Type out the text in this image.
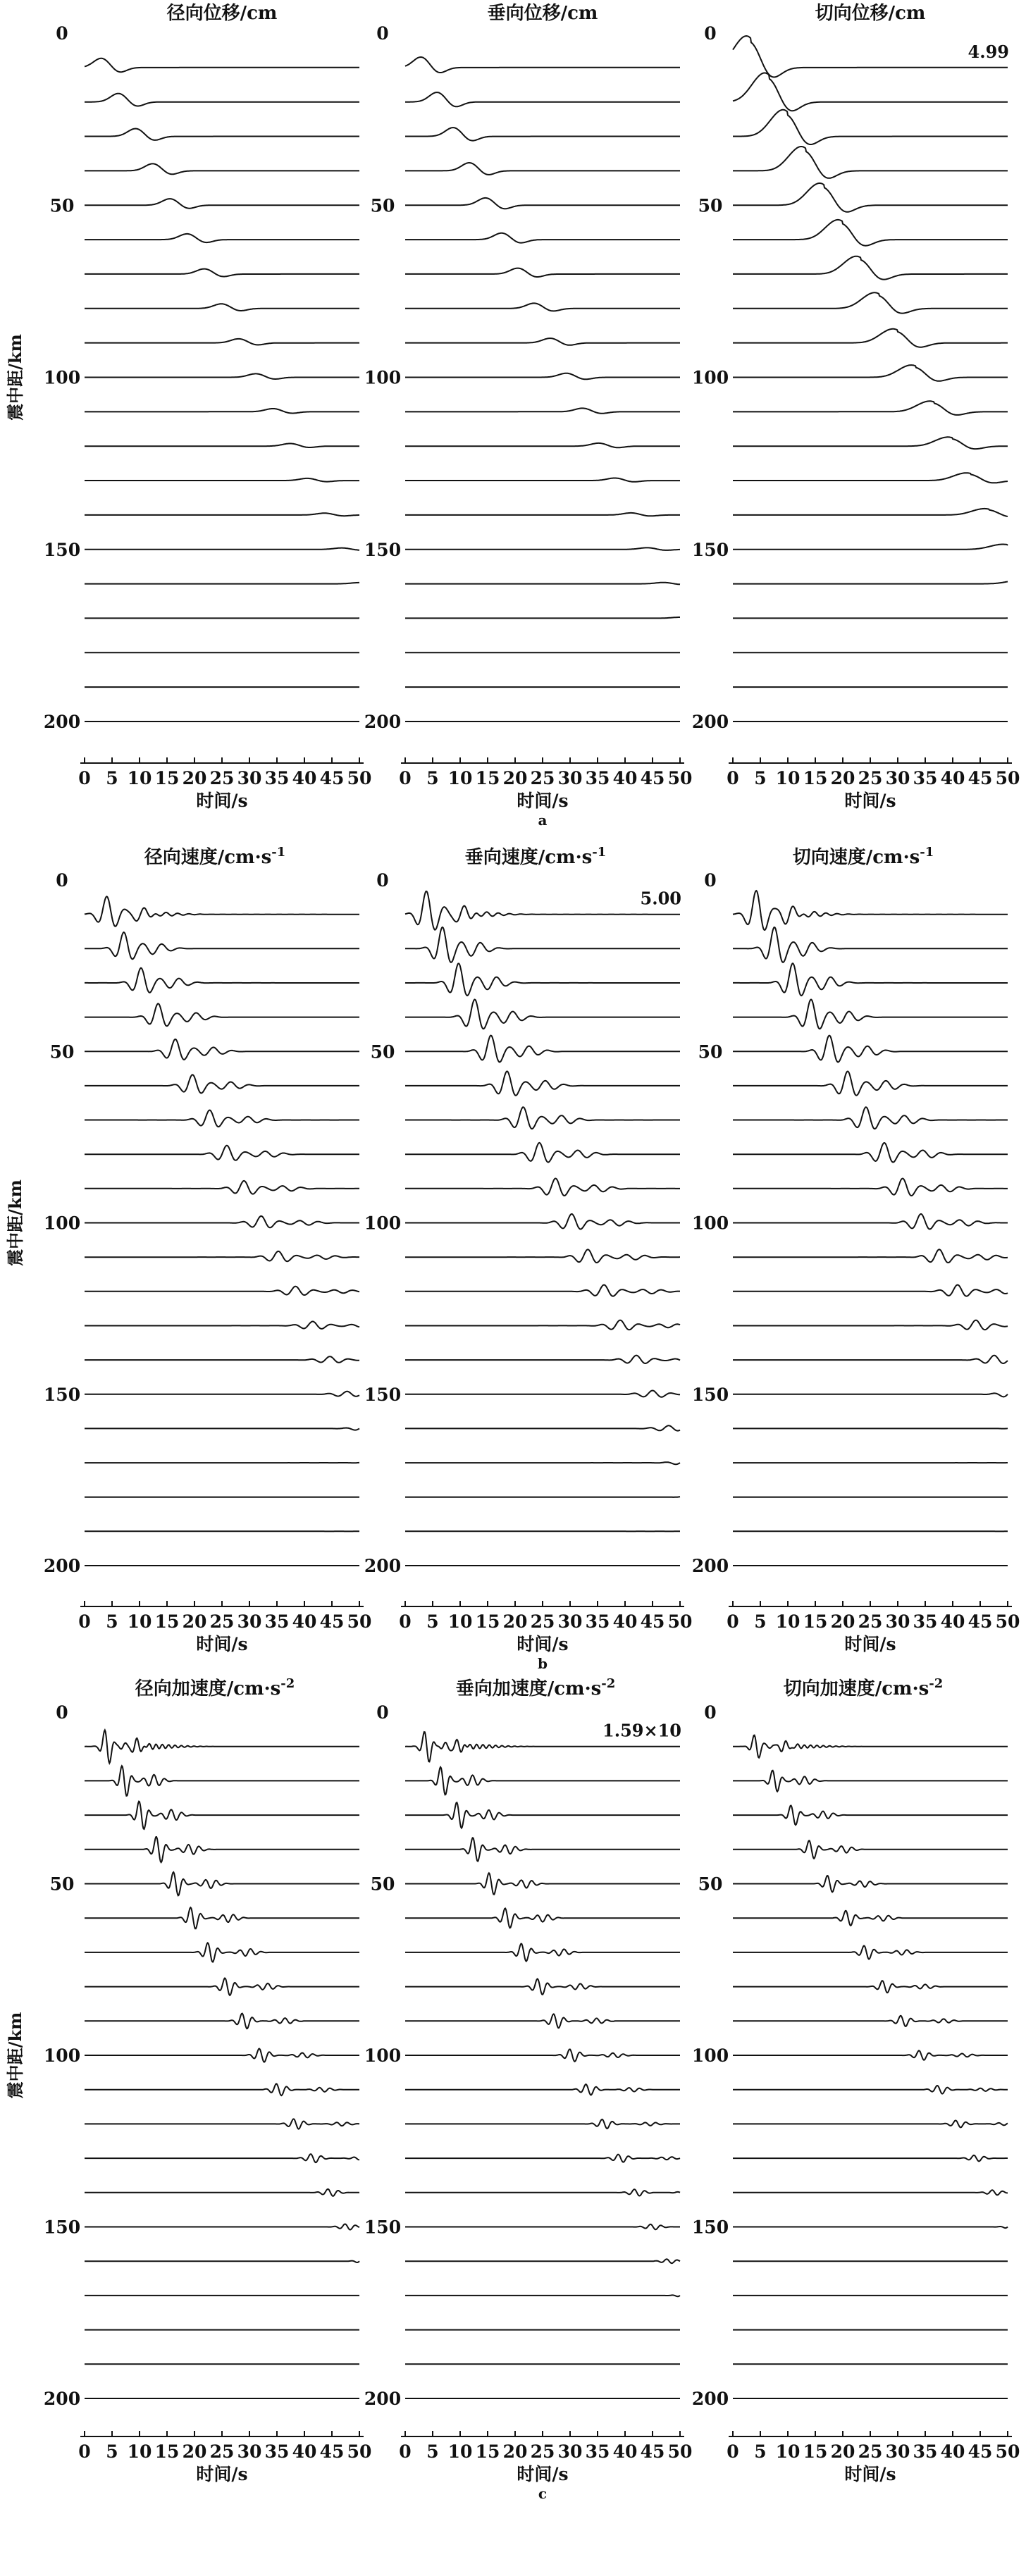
震中距/km
径向位移/cm
0
50
100
150
200
0 5 10 15 20 25 30 35 40 45 50
时间/s
垂向位移/cm
0
50
100
150
200
0 5 10 15 20 25 30 35 40 45 50
时间/s
切向位移/cm
0
50
100
150
200
4.99
0 5 10 15 20 25 30 35 40 45 50
时间/s
a
震中距/km
径向速度$/cm\cdot s^{-1}$
0
50
100
150
200
0 5 10 15 20 25 30 35 40 45 50
时间/s
垂向速度$/cm\cdot s^{-1}$
0
50
100
150
200
5.00
0 5 10 15 20 25 30 35 40 45 50
时间/s
切向速度$/cm\cdot s^{-1}$
0
50
100
150
200
0 5 10 15 20 25 30 35 40 45 50
时间/s
b
震中距/km
径向加速度$/cm\cdot s^{-2}$
0
50
100
150
200
0 5 10 15 20 25 30 35 40 45 50
时间/s
垂向加速度$/cm\cdot s^{-2}$
0
50
100
150
200
1.59×10
0 5 10 15 20 25 30 35 40 45 50
时间/s
切向加速度$/cm\cdot s^{-2}$
0
50
100
150
200
0 5 10 15 20 25 30 35 40 45 50
时间/s
c
